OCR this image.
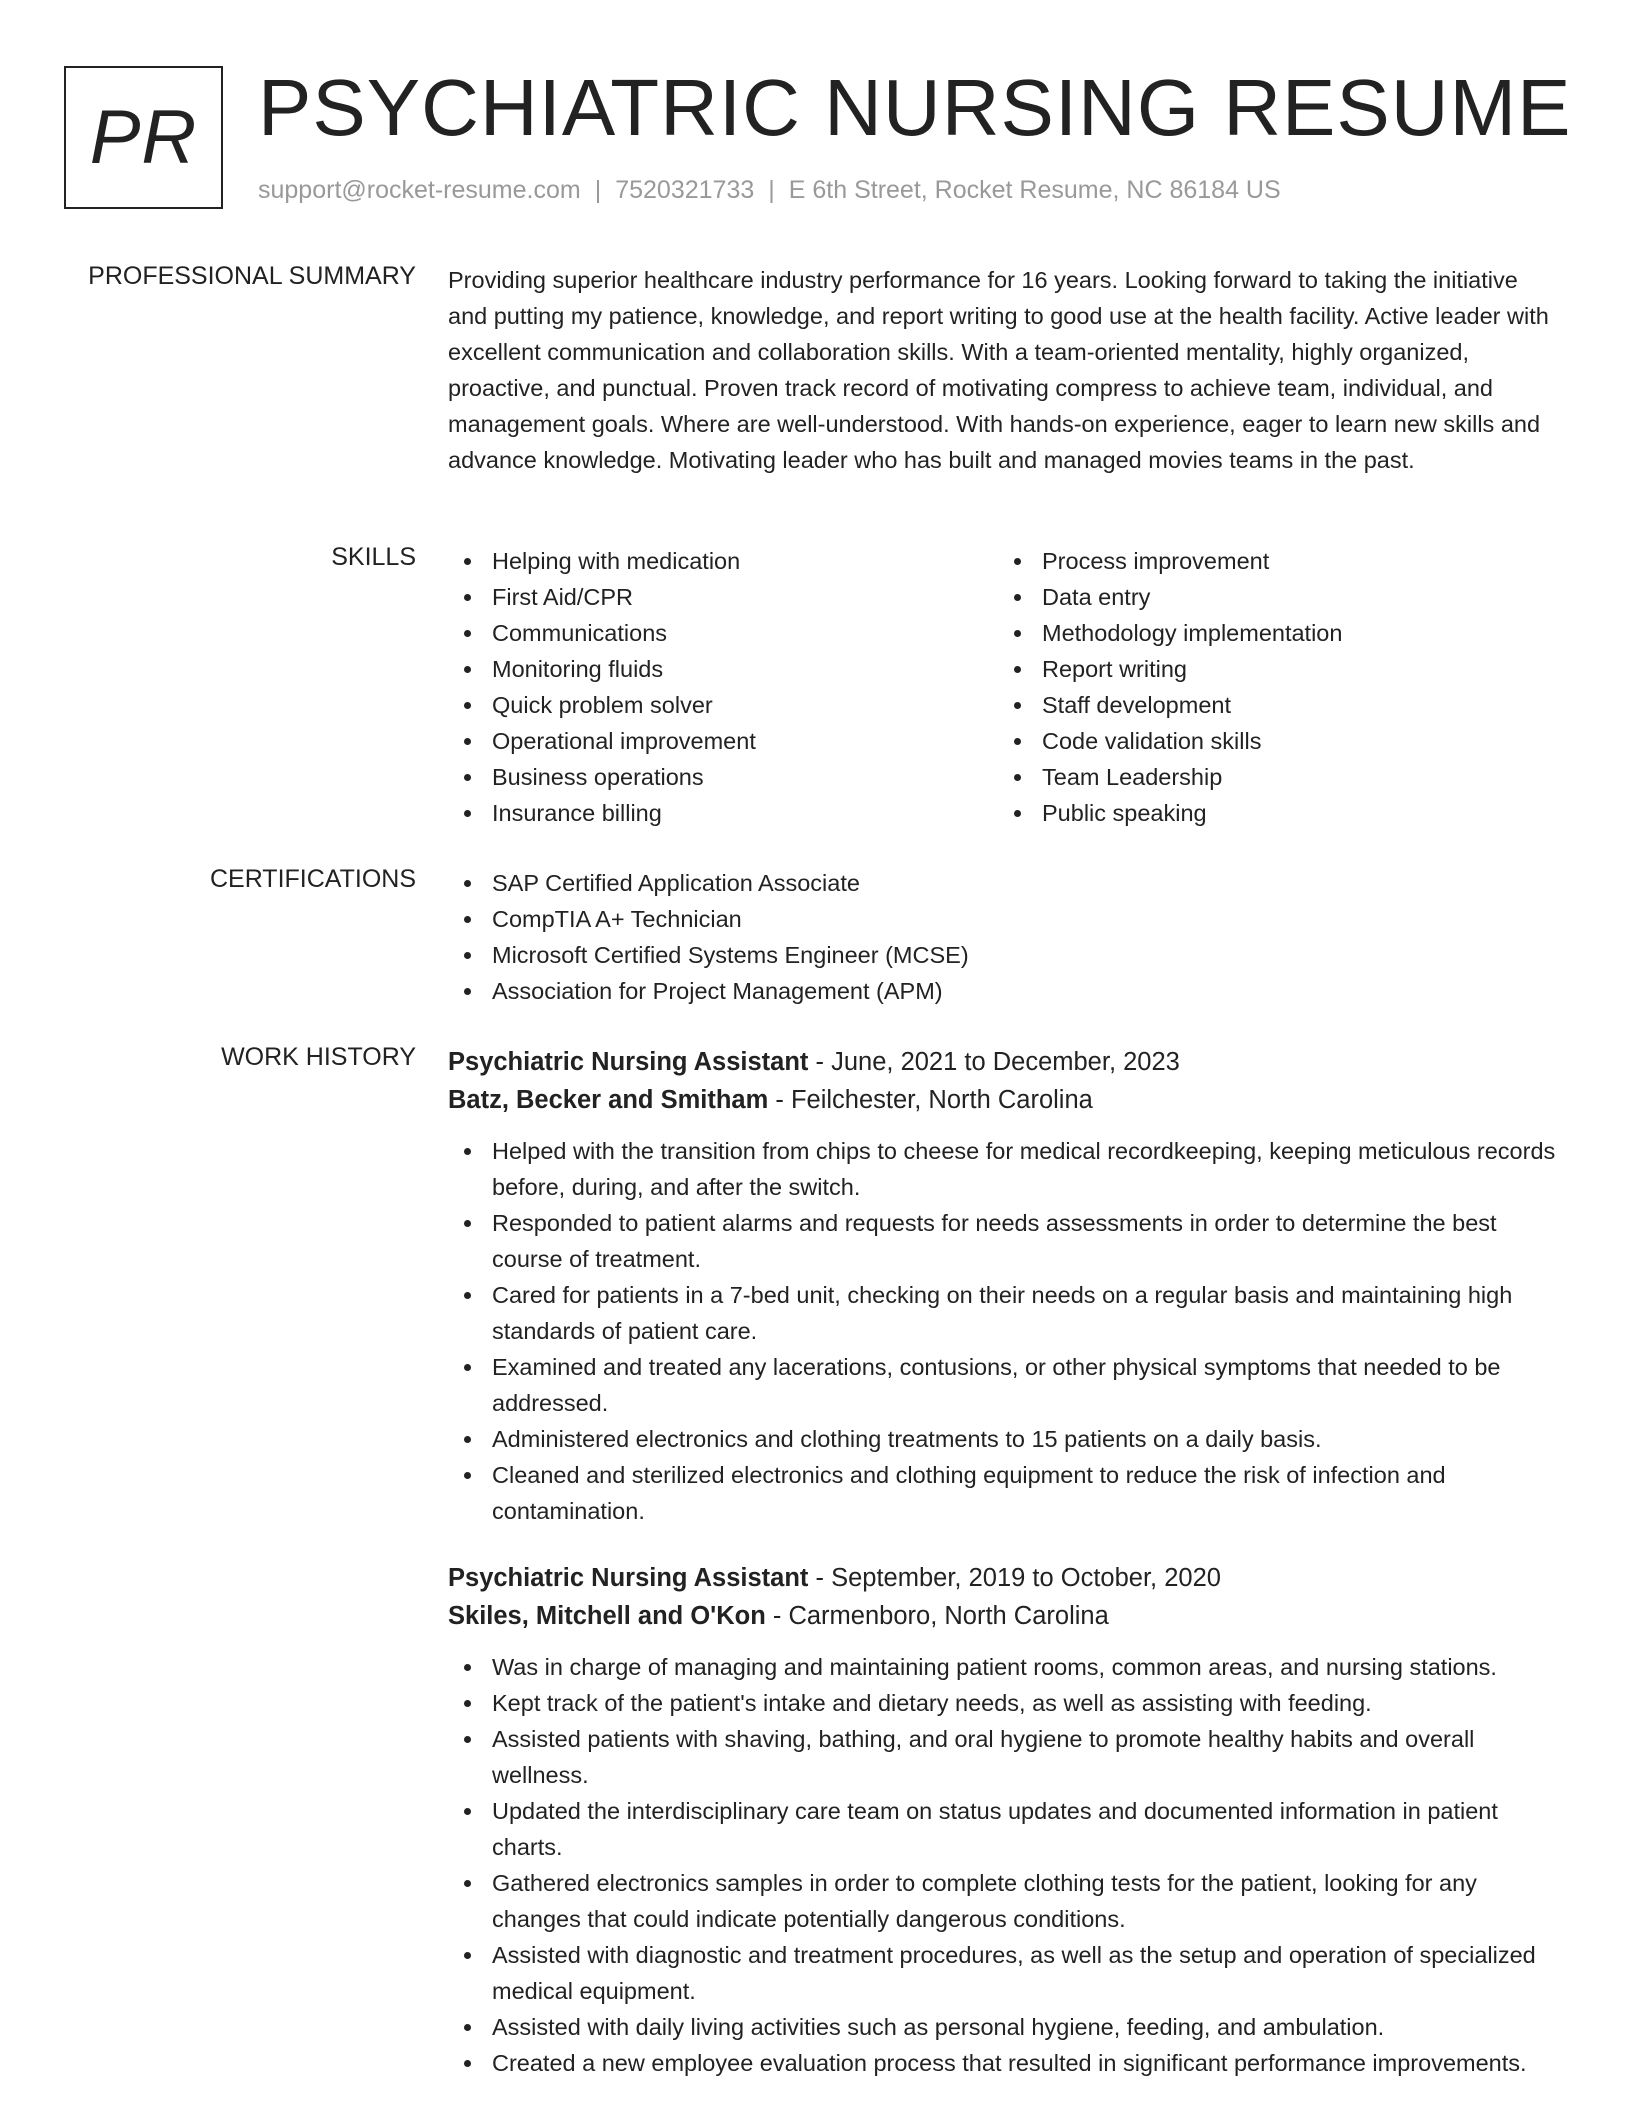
PR PSYCHIATRIC NURSING RESUME
support@rocket-resume.com | 7520321733 | E 6th Street, Rocket Resume, NC 86184 US
PROFESSIONAL SUMMARY Providing superior healthcare industry performance for 16 years. Looking forward to taking the initiative and putting my patience, knowledge, and report writing to good use at the health facility. Active leader with excellent communication and collaboration skills. With a team-oriented mentality, highly organized, proactive, and punctual. Proven track record of motivating compress to achieve team, individual, and management goals. Where are well-understood. With hands-on experience, eager to learn new skills and advance knowledge. Motivating leader who has built and managed movies teams in the past.
SKILLS	Helping with medication
First Aid/CPR
Communications
Monitoring fluids
Quick problem solver
Operational improvement
Business operations
Insurance billing
Process improvement
Data entry
Methodology implementation
Report writing
Staff development
Code validation skills
Team Leadership
Public speaking
CERTIFICATIONS	SAP Certified Application Associate
CompTIA A+ Technician
Microsoft Certified Systems Engineer (MCSE)
Association for Project Management (APM)
WORK HISTORY Psychiatric Nursing Assistant - June, 2021 to December, 2023
Batz, Becker and Smitham - Feilchester, North Carolina
Helped with the transition from chips to cheese for medical recordkeeping, keeping meticulous records before, during, and after the switch.
Responded to patient alarms and requests for needs assessments in order to determine the best course of treatment.
Cared for patients in a 7-bed unit, checking on their needs on a regular basis and maintaining high standards of patient care.
Examined and treated any lacerations, contusions, or other physical symptoms that needed to be addressed.
Administered electronics and clothing treatments to 15 patients on a daily basis.
Cleaned and sterilized electronics and clothing equipment to reduce the risk of infection and contamination.
Psychiatric Nursing Assistant - September, 2019 to October, 2020
Skiles, Mitchell and O'Kon - Carmenboro, North Carolina
Was in charge of managing and maintaining patient rooms, common areas, and nursing stations.
Kept track of the patient's intake and dietary needs, as well as assisting with feeding.
Assisted patients with shaving, bathing, and oral hygiene to promote healthy habits and overall wellness.
Updated the interdisciplinary care team on status updates and documented information in patient charts.
Gathered electronics samples in order to complete clothing tests for the patient, looking for any changes that could indicate potentially dangerous conditions.
Assisted with diagnostic and treatment procedures, as well as the setup and operation of specialized medical equipment.
Assisted with daily living activities such as personal hygiene, feeding, and ambulation.
Created a new employee evaluation process that resulted in significant performance improvements.
